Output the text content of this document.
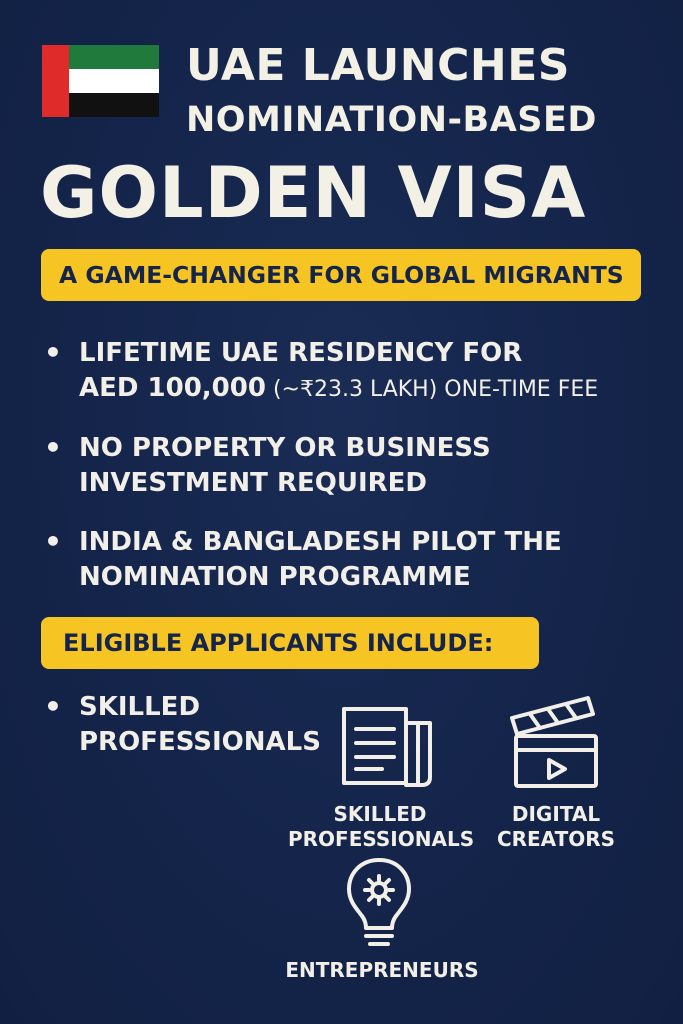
UAE LAUNCHES
NOMINATION-BASED
GOLDEN VISA
A GAME-CHANGER FOR GLOBAL MIGRANTS
• LIFETIME UAE RESIDENCY FOR
AED 100,000 (~₹23.3 LAKH) ONE-TIME FEE
• NO PROPERTY OR BUSINESS
INVESTMENT REQUIRED
• INDIA & BANGLADESH PILOT THE
NOMINATION PROGRAMME
ELIGIBLE APPLICANTS INCLUDE:
• SKILLED
PROFESSIONALS
SKILLED
PROFESSIONALS
DIGITAL
CREATORS
ENTREPRENEURS
